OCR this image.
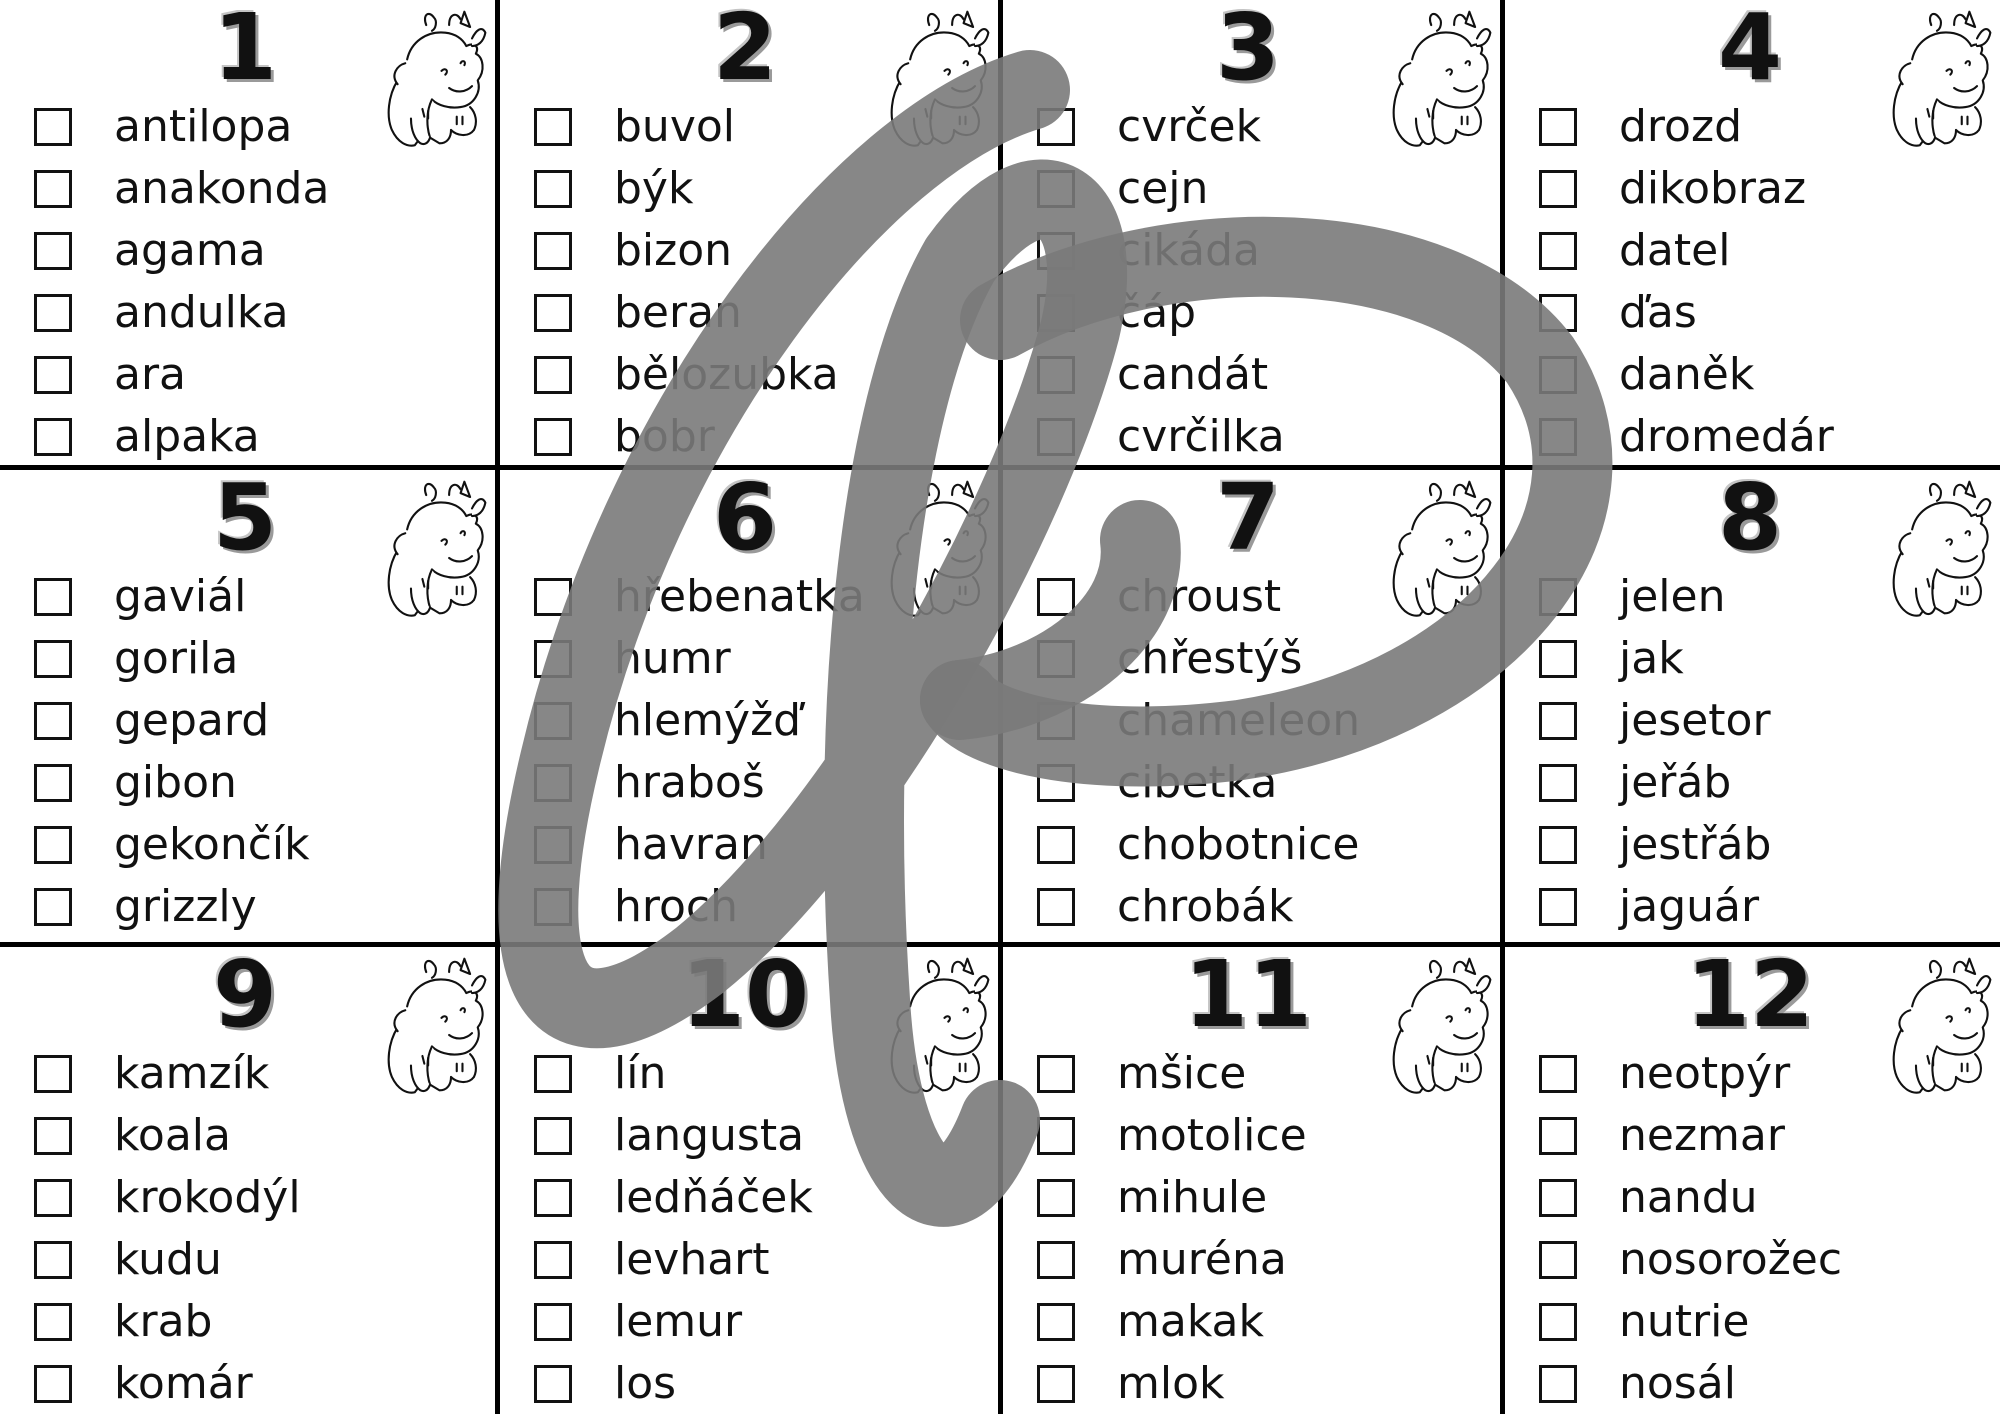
1
antilopa
anakonda
agama
andulka
ara
alpaka
2
buvol
býk
bizon
beran
bělozubka
bobr
3
cvrček
cejn
cikáda
čáp
candát
cvrčilka
4
drozd
dikobraz
datel
ďas
daněk
dromedár
5
gaviál
gorila
gepard
gibon
gekončík
grizzly
6
hřebenatka
humr
hlemýžď
hraboš
havran
hroch
7
chroust
chřestýš
chameleon
cibetka
chobotnice
chrobák
8
jelen
jak
jesetor
jeřáb
jestřáb
jaguár
9
kamzík
koala
krokodýl
kudu
krab
komár
10
lín
langusta
ledňáček
levhart
lemur
los
11
mšice
motolice
mihule
muréna
makak
mlok
12
neotpýr
nezmar
nandu
nosorožec
nutrie
nosál
